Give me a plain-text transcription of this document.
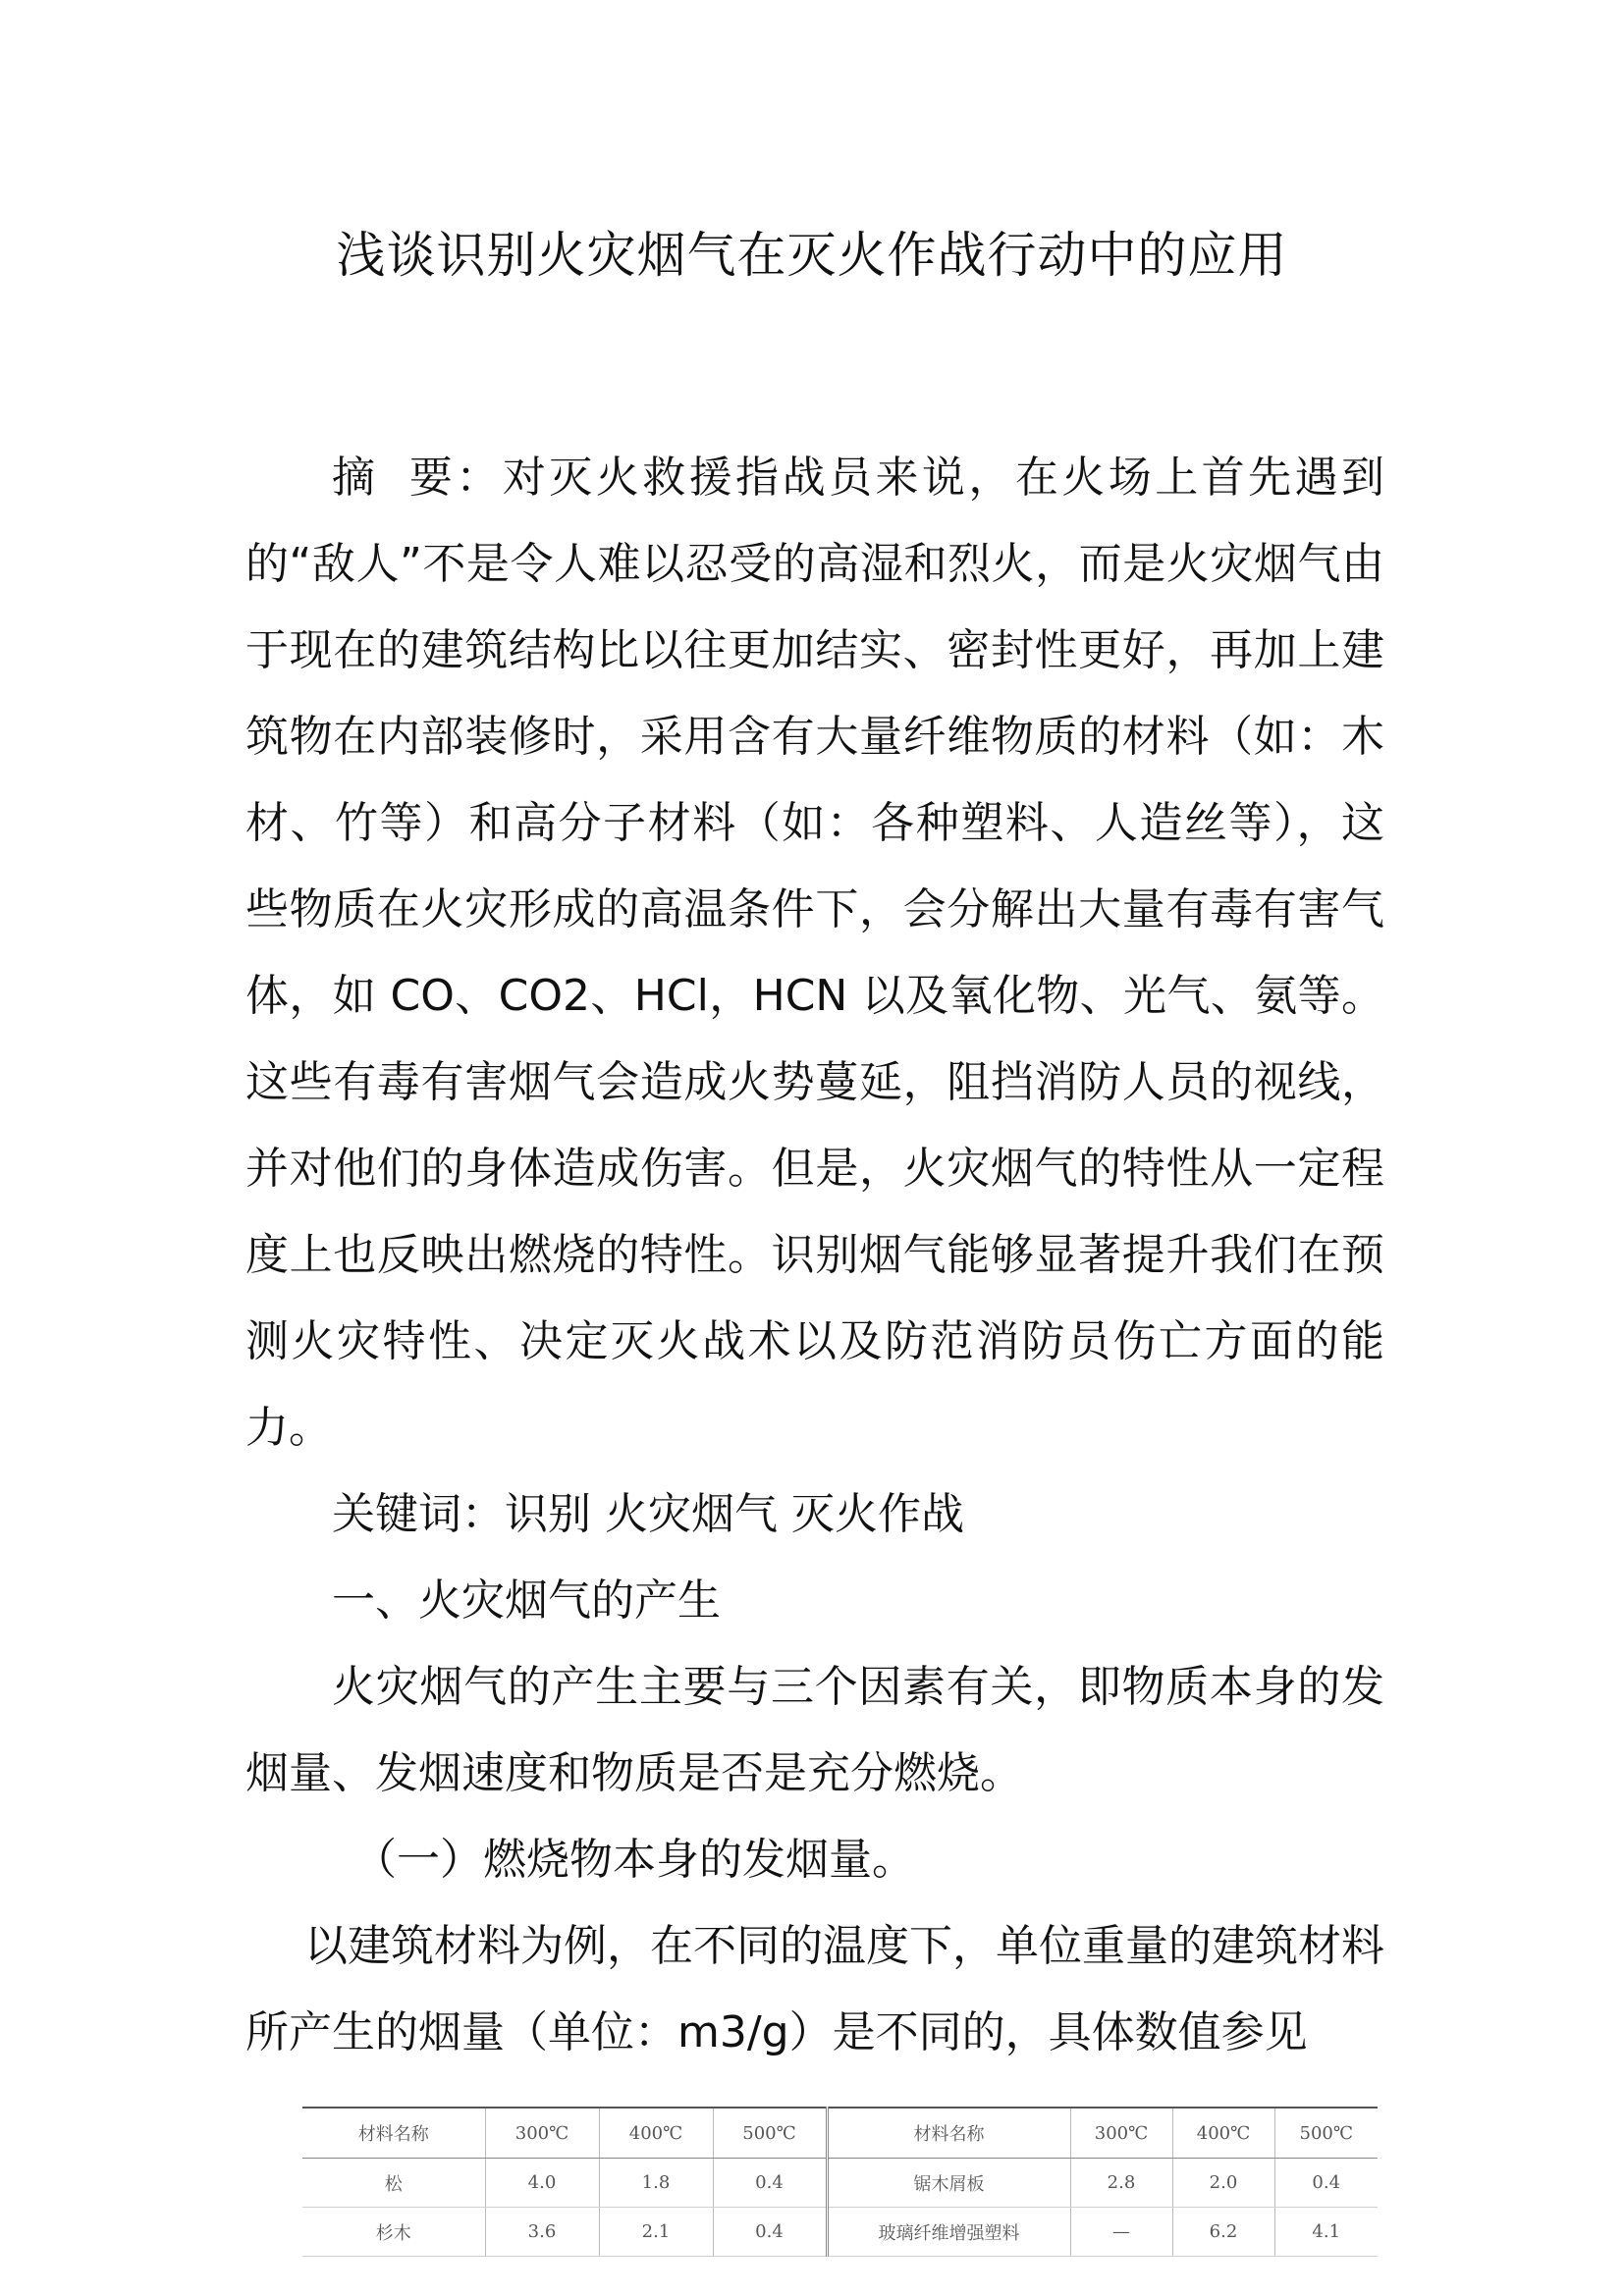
浅谈识别火灾烟气在灭火作战行动中的应用

摘 要：对灭火救援指战员来说，在火场上首先遇到的“敌人”不是令人难以忍受的高湿和烈火，而是火灾烟气由于现在的建筑结构比以往更加结实、密封性更好，再加上建筑物在内部装修时，采用含有大量纤维物质的材料（如：木材、竹等）和高分子材料（如：各种塑料、人造丝等），这些物质在火灾形成的高温条件下，会分解出大量有毒有害气体，如 CO、CO2、HCl，HCN 以及氧化物、光气、氨等。这些有毒有害烟气会造成火势蔓延，阻挡消防人员的视线，并对他们的身体造成伤害。但是，火灾烟气的特性从一定程度上也反映出燃烧的特性。识别烟气能够显著提升我们在预测火灾特性、决定灭火战术以及防范消防员伤亡方面的能力。

关键词：识别 火灾烟气 灭火作战

一、火灾烟气的产生

火灾烟气的产生主要与三个因素有关，即物质本身的发烟量、发烟速度和物质是否是充分燃烧。

（一）燃烧物本身的发烟量。

以建筑材料为例，在不同的温度下，单位重量的建筑材料所产生的烟量（单位：m3/g）是不同的，具体数值参见

材料名称	300℃	400℃	500℃	材料名称	300℃	400℃	500℃
松	4.0	1.8	0.4	锯木屑板	2.8	2.0	0.4
杉木	3.6	2.1	0.4	玻璃纤维增强塑料	—	6.2	4.1
